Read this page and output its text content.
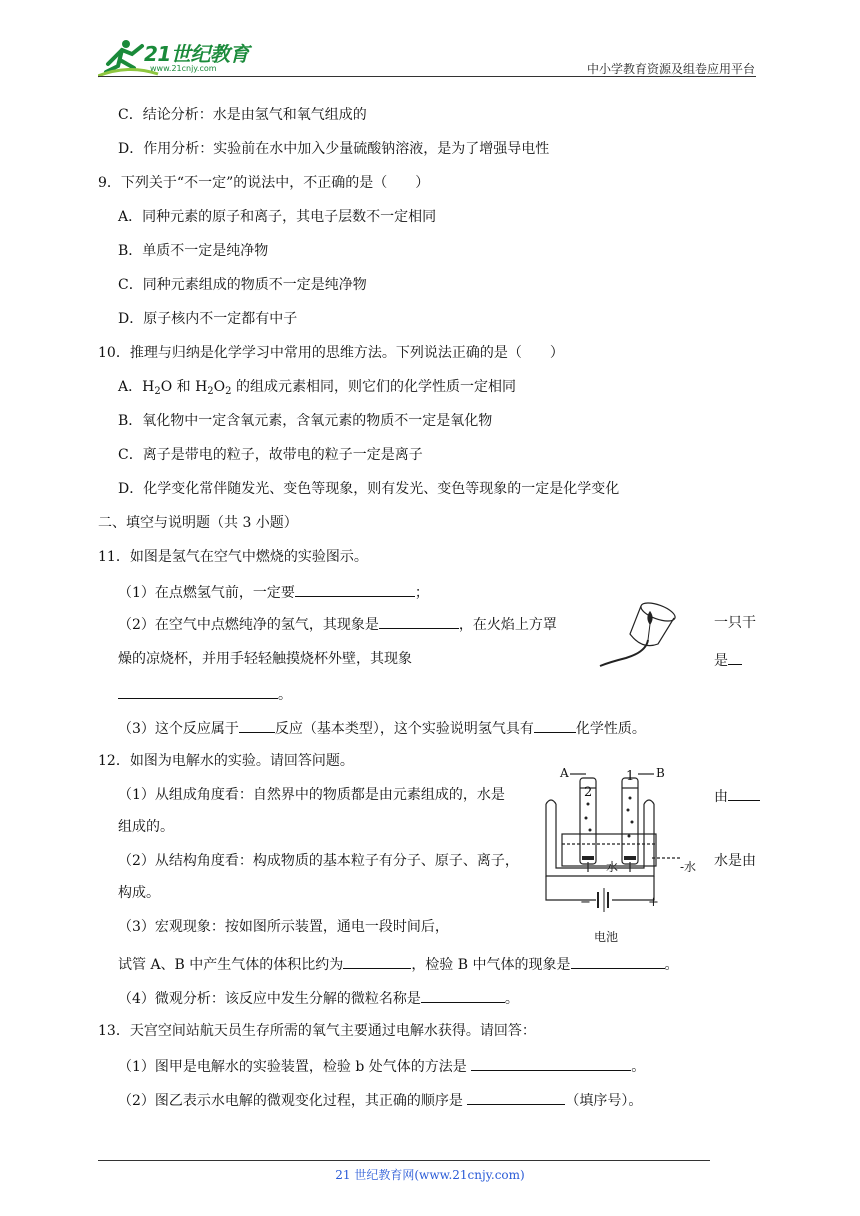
21世纪教育
www.21cnjy.com	中小学教育资源及组卷应用平台
C．结论分析：水是由氢气和氧气组成的
D．作用分析：实验前在水中加入少量硫酸钠溶液，是为了增强导电性
9．下列关于“不一定”的说法中，不正确的是（　　）
A．同种元素的原子和离子，其电子层数不一定相同
B．单质不一定是纯净物
C．同种元素组成的物质不一定是纯净物
D．原子核内不一定都有中子
10．推理与归纳是化学学习中常用的思维方法。下列说法正确的是（　　）
A．$H_2O$ 和 $H_2O_2$ 的组成元素相同，则它们的化学性质一定相同
B．氧化物中一定含氧元素，含氧元素的物质不一定是氧化物
C．离子是带电的粒子，故带电的粒子一定是离子
D．化学变化常伴随发光、变色等现象，则有发光、变色等现象的一定是化学变化
二、填空与说明题（共 3 小题）
11．如图是氢气在空气中燃烧的实验图示。
（1）在点燃氢气前，一定要	；
（2）在空气中点燃纯净的氢气，其现象是	，在火焰上方罩	一只干
燥的凉烧杯，并用手轻轻触摸烧杯外壁，其现象	是
。
（3）这个反应属于	反应（基本类型），这个实验说明氢气具有	化学性质。
12．如图为电解水的实验。请回答问题。
（1）从组成角度看：自然界中的物质都是由元素组成的，水是	由
组成的。
（2）从结构角度看：构成物质的基本粒子有分子、原子、离子，	水是由
构成。
（3）宏观现象：按如图所示装置，通电一段时间后，
试管 A、B 中产生气体的体积比约为	，检验 B 中气体的现象是	。
（4）微观分析：该反应中发生分解的微粒名称是	。
A	B
2
1
水	-水
−	+
电池
13．天宫空间站航天员生存所需的氧气主要通过电解水获得。请回答：
（1）图甲是电解水的实验装置，检验 b 处气体的方法是	。
（2）图乙表示水电解的微观变化过程，其正确的顺序是	（填序号）。
21 世纪教育网(www.21cnjy.com)
